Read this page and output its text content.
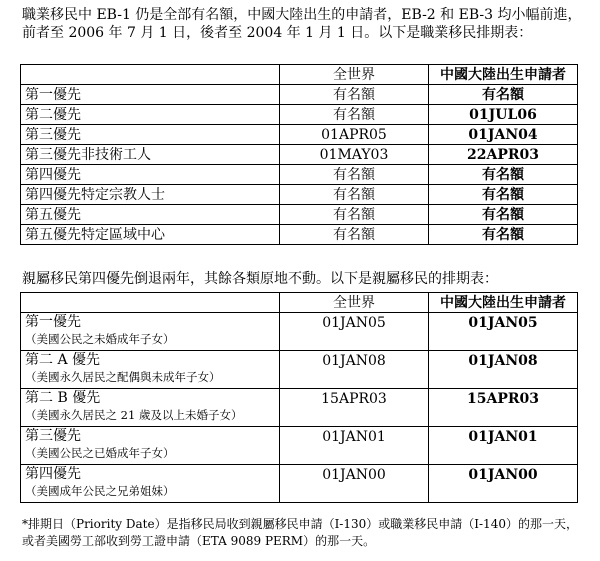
職業移民中 EB-1 仍是全部有名額，中國大陸出生的申請者，EB-2 和 EB-3 均小幅前進，前者至 2006 年 7 月 1 日，後者至 2004 年 1 月 1 日。以下是職業移民排期表：

	全世界	中國大陸出生申請者
第一優先	有名額	有名額
第二優先	有名額	01JUL06
第三優先	01APR05	01JAN04
第三優先非技術工人	01MAY03	22APR03
第四優先	有名額	有名額
第四優先特定宗教人士	有名額	有名額
第五優先	有名額	有名額
第五優先特定區域中心	有名額	有名額

親屬移民第四優先倒退兩年，其餘各類原地不動。以下是親屬移民的排期表：

	全世界	中國大陸出生申請者

第一優先
（美國公民之未婚成年子女）	01JAN05	01JAN05

第二 A 優先
（美國永久居民之配偶與未成年子女）	01JAN08	01JAN08

第二 B 優先
（美國永久居民之 21 歲及以上未婚子女）	15APR03	15APR03

第三優先
（美國公民之已婚成年子女）	01JAN01	01JAN01

第四優先
（美國成年公民之兄弟姐妹）	01JAN00	01JAN00

*排期日（Priority Date）是指移民局收到親屬移民申請（I-130）或職業移民申請（I-140）的那一天，或者美國勞工部收到勞工證申請（ETA 9089 PERM）的那一天。
